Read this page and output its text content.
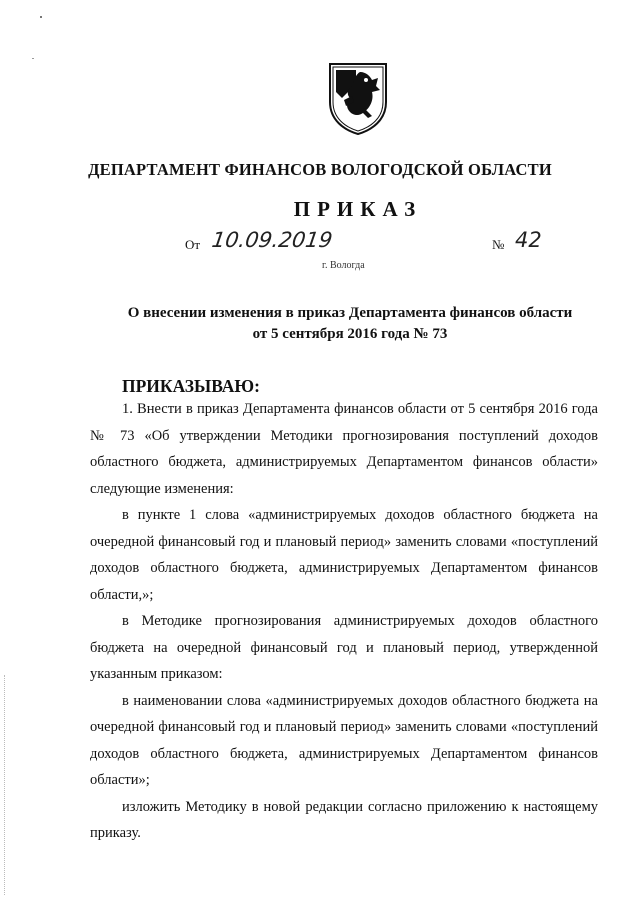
ДЕПАРТАМЕНТ ФИНАНСОВ ВОЛОГОДСКОЙ ОБЛАСТИ
ПРИКАЗ
От 10.09.2019	№ 42
г. Вологда
О внесении изменения в приказ Департамента финансов области
от 5 сентября 2016 года № 73
ПРИКАЗЫВАЮ:

1. Внести в приказ Департамента финансов области от 5 сентября 2016 года № 73 «Об утверждении Методики прогнозирования поступлений доходов областного бюджета, администрируемых Департаментом финансов области» следующие изменения:

в пункте 1 слова «администрируемых доходов областного бюджета на очередной финансовый год и плановый период» заменить словами «поступлений доходов областного бюджета, администрируемых Департаментом финансов области,»;

в Методике прогнозирования администрируемых доходов областного бюджета на очередной финансовый год и плановый период, утвержденной указанным приказом:

в наименовании слова «администрируемых доходов областного бюджета на очередной финансовый год и плановый период» заменить словами «поступлений доходов областного бюджета, администрируемых Департаментом финансов области»;

изложить Методику в новой редакции согласно приложению к настоящему приказу.
